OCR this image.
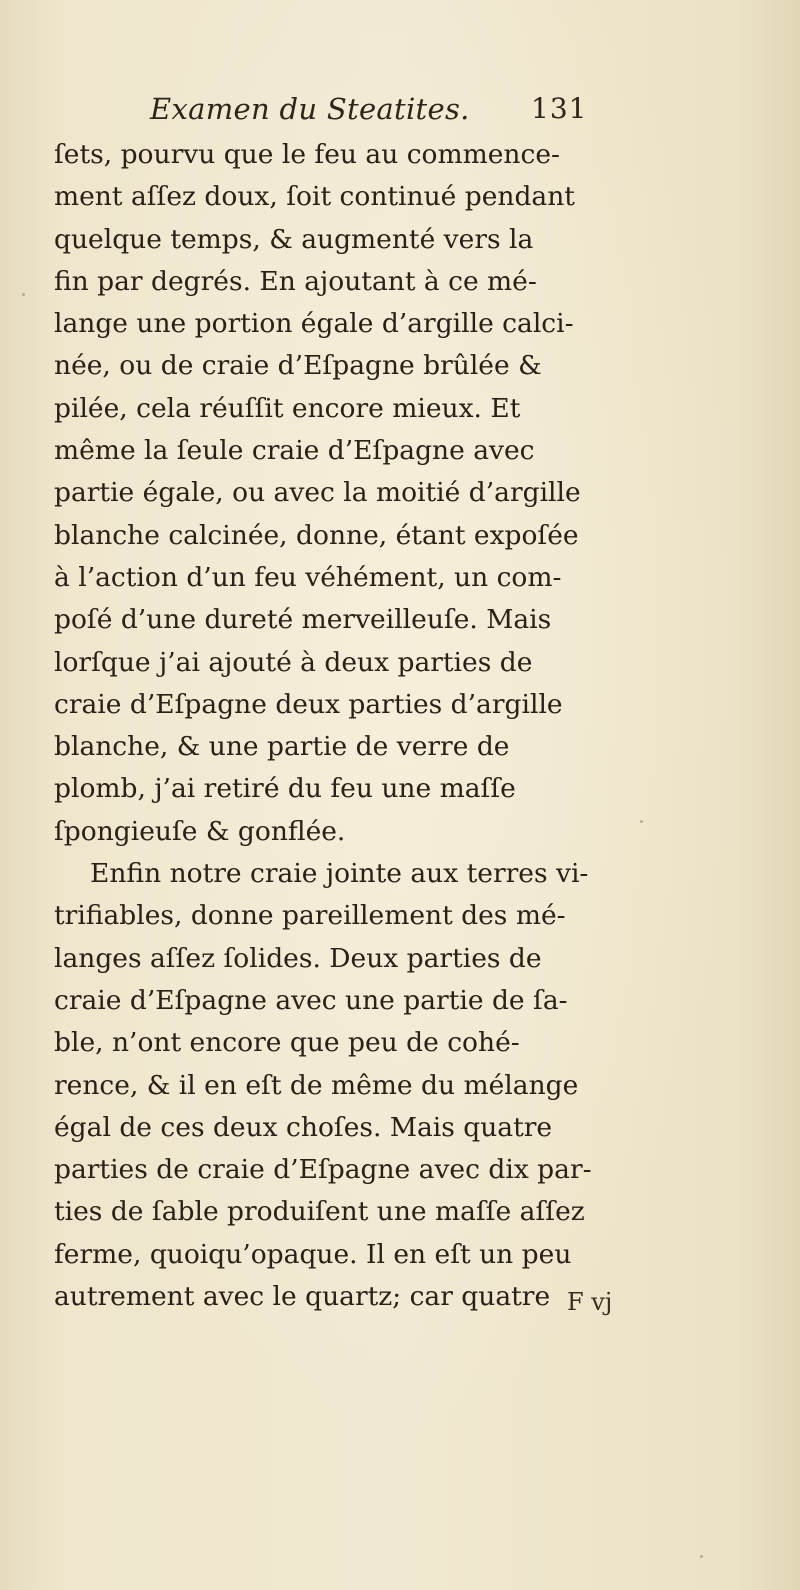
Examen du Steatites. 131
ſets, pourvu que le feu au commence-
ment aſſez doux, ſoit continué pendant
quelque temps, & augmenté vers la
fin par degrés. En ajoutant à ce mé-
lange une portion égale d’argille calci-
née, ou de craie d’Eſpagne brûlée &
pilée, cela réuſſit encore mieux. Et
même la ſeule craie d’Eſpagne avec
partie égale, ou avec la moitié d’argille
blanche calcinée, donne, étant expoſée
à l’action d’un feu véhément, un com-
poſé d’une dureté merveilleuſe. Mais
lorſque j’ai ajouté à deux parties de
craie d’Eſpagne deux parties d’argille
blanche, & une partie de verre de
plomb, j’ai retiré du feu une maſſe
ſpongieuſe & gonflée.
Enfin notre craie jointe aux terres vi-
trifiables, donne pareillement des mé-
langes aſſez ſolides. Deux parties de
craie d’Eſpagne avec une partie de ſa-
ble, n’ont encore que peu de cohé-
rence, & il en eſt de même du mélange
égal de ces deux choſes. Mais quatre
parties de craie d’Eſpagne avec dix par-
ties de ſable produiſent une maſſe aſſez
ferme, quoiqu’opaque. Il en eſt un peu
autrement avec le quartz; car quatre F vj
